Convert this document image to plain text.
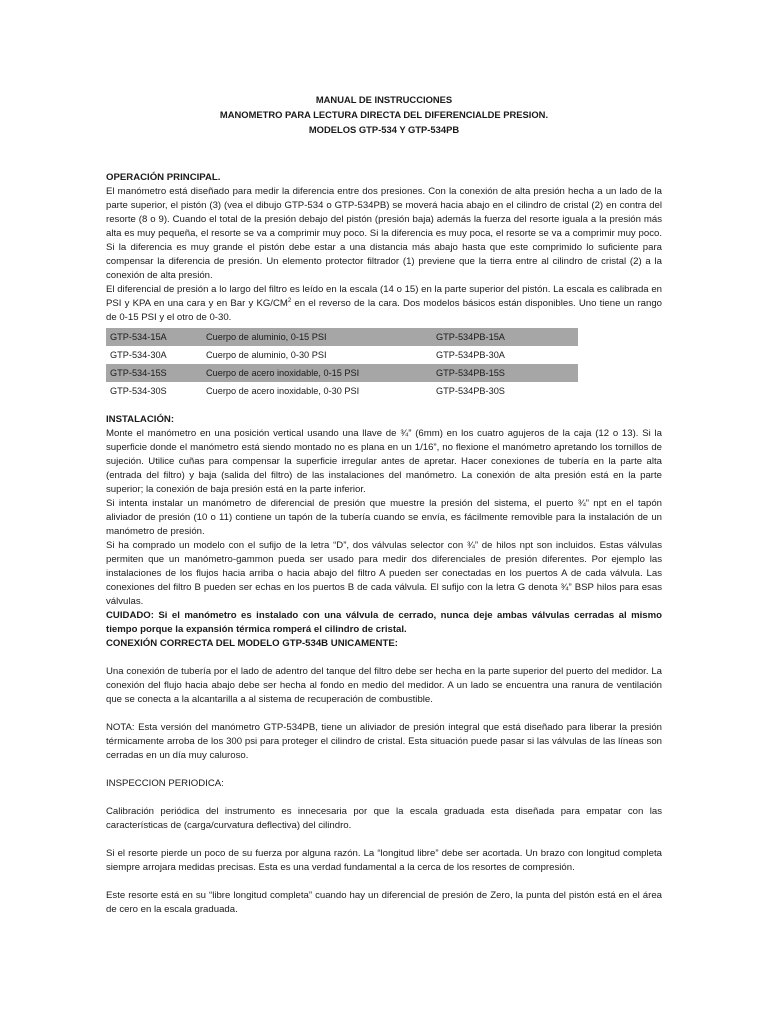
MANUAL DE INSTRUCCIONES
MANOMETRO PARA LECTURA DIRECTA DEL DIFERENCIALDE PRESION.
MODELOS GTP-534 Y GTP-534PB
OPERACIÓN PRINCIPAL.

El manómetro está diseñado para medir la diferencia entre dos presiones. Con la conexión de alta presión hecha a un lado de la parte superior, el pistón (3) (vea el dibujo GTP-534 o GTP-534PB) se moverá hacia abajo en el cilindro de cristal (2) en contra del resorte (8 o 9). Cuando el total de la presión debajo del pistón (presión baja) además la fuerza del resorte iguala a la presión más alta es muy pequeña, el resorte se va a comprimir muy poco. Si la diferencia es muy poca, el resorte se va a comprimir muy poco. Si la diferencia es muy grande el pistón debe estar a una distancia más abajo hasta que este comprimido lo suficiente para compensar la diferencia de presión. Un elemento protector filtrador (1) previene que la tierra entre al cilindro de cristal (2) a la conexión de alta presión.

El diferencial de presión a lo largo del filtro es leído en la escala (14 o 15) en la parte superior del pistón. La escala es calibrada en PSI y KPA en una cara y en Bar y $KG/CM^2$ en el reverso de la cara. Dos modelos básicos están disponibles. Uno tiene un rango de 0-15 PSI y el otro de 0-30.

GTP-534-15A	Cuerpo de aluminio, 0-15 PSI	GTP-534PB-15A
GTP-534-30A	Cuerpo de aluminio, 0-30 PSI	GTP-534PB-30A
GTP-534-15S	Cuerpo de acero inoxidable, 0-15 PSI	GTP-534PB-15S
GTP-534-30S	Cuerpo de acero inoxidable, 0-30 PSI	GTP-534PB-30S
INSTALACIÓN:

Monte el manómetro en una posición vertical usando una llave de ¾” (6mm) en los cuatro agujeros de la caja (12 o 13). Si la superficie donde el manómetro está siendo montado no es plana en un 1/16”, no flexione el manómetro apretando los tornillos de sujeción. Utilice cuñas para compensar la superficie irregular antes de apretar. Hacer conexiones de tubería en la parte alta (entrada del filtro) y baja (salida del filtro) de las instalaciones del manómetro. La conexión de alta presión está en la parte superior; la conexión de baja presión está en la parte inferior.

Si intenta instalar un manómetro de diferencial de presión que muestre la presión del sistema, el puerto ¾” npt en el tapón aliviador de presión (10 o 11) contiene un tapón de la tubería cuando se envía, es fácilmente removible para la instalación de un manómetro de presión.

Si ha comprado un modelo con el sufijo de la letra “D”, dos válvulas selector con ¾” de hilos npt son incluidos. Estas válvulas permiten que un manómetro-gammon pueda ser usado para medir dos diferenciales de presión diferentes. Por ejemplo las instalaciones de los flujos hacia arriba o hacia abajo del filtro A pueden ser conectadas en los puertos A de cada válvula. Las conexiones del filtro B pueden ser echas en los puertos B de cada válvula. El sufijo con la letra G denota ¾” BSP hilos para esas válvulas.

CUIDADO: Si el manómetro es instalado con una válvula de cerrado, nunca deje ambas válvulas cerradas al mismo tiempo porque la expansión térmica romperá el cilindro de cristal.

CONEXIÓN CORRECTA DEL MODELO GTP-534B UNICAMENTE:

Una conexión de tubería por el lado de adentro del tanque del filtro debe ser hecha en la parte superior del puerto del medidor. La conexión del flujo hacia abajo debe ser hecha al fondo en medio del medidor. A un lado se encuentra una ranura de ventilación que se conecta a la alcantarilla a al sistema de recuperación de combustible.

NOTA: Esta versión del manómetro GTP-534PB, tiene un aliviador de presión integral que está diseñado para liberar la presión térmicamente arroba de los 300 psi para proteger el cilindro de cristal. Esta situación puede pasar si las válvulas de las líneas son cerradas en un día muy caluroso.

INSPECCION PERIODICA:

Calibración periódica del instrumento es innecesaria por que la escala graduada esta diseñada para empatar con las características de (carga/curvatura deflectiva) del cilindro.

Si el resorte pierde un poco de su fuerza por alguna razón. La “longitud libre” debe ser acortada. Un brazo con longitud completa siempre arrojara medidas precisas. Esta es una verdad fundamental a la cerca de los resortes de compresión.

Este resorte está en su “libre longitud completa” cuando hay un diferencial de presión de Zero, la punta del pistón está en el área de cero en la escala graduada.
